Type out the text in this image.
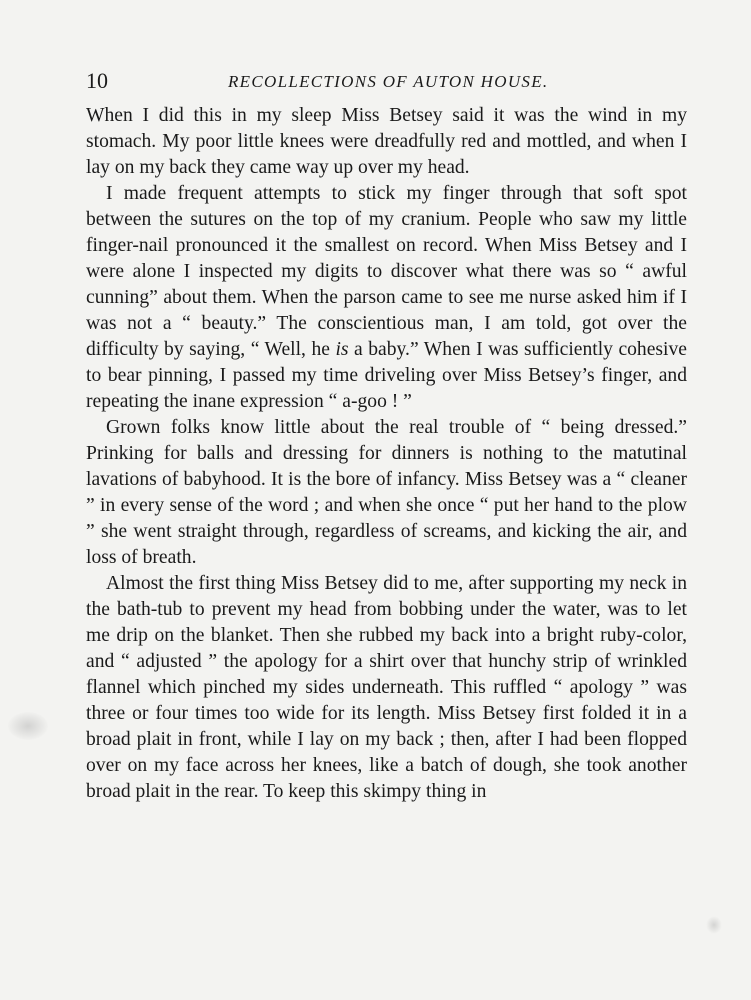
10	RECOLLECTIONS OF AUTON HOUSE.

When I did this in my sleep Miss Betsey said it was the wind in my stomach. My poor little knees were dreadfully red and mottled, and when I lay on my back they came way up over my head.

I made frequent attempts to stick my finger through that soft spot between the sutures on the top of my cranium. People who saw my little finger-nail pronounced it the smallest on record. When Miss Betsey and I were alone I inspected my digits to discover what there was so “ awful cunning” about them. When the parson came to see me nurse asked him if I was not a “ beauty.” The conscientious man, I am told, got over the difficulty by saying, “ Well, he is a baby.” When I was sufficiently cohesive to bear pinning, I passed my time driveling over Miss Betsey’s finger, and repeating the inane expression “ a-goo ! ”

Grown folks know little about the real trouble of “ being dressed.” Prinking for balls and dressing for dinners is nothing to the matutinal lavations of babyhood. It is the bore of infancy. Miss Betsey was a “ cleaner ” in every sense of the word ; and when she once “ put her hand to the plow ” she went straight through, regardless of screams, and kicking the air, and loss of breath.

Almost the first thing Miss Betsey did to me, after supporting my neck in the bath-tub to prevent my head from bobbing under the water, was to let me drip on the blanket. Then she rubbed my back into a bright ruby-color, and “ adjusted ” the apology for a shirt over that hunchy strip of wrinkled flannel which pinched my sides underneath. This ruffled “ apology ” was three or four times too wide for its length. Miss Betsey first folded it in a broad plait in front, while I lay on my back ; then, after I had been flopped over on my face across her knees, like a batch of dough, she took another broad plait in the rear. To keep this skimpy thing in
